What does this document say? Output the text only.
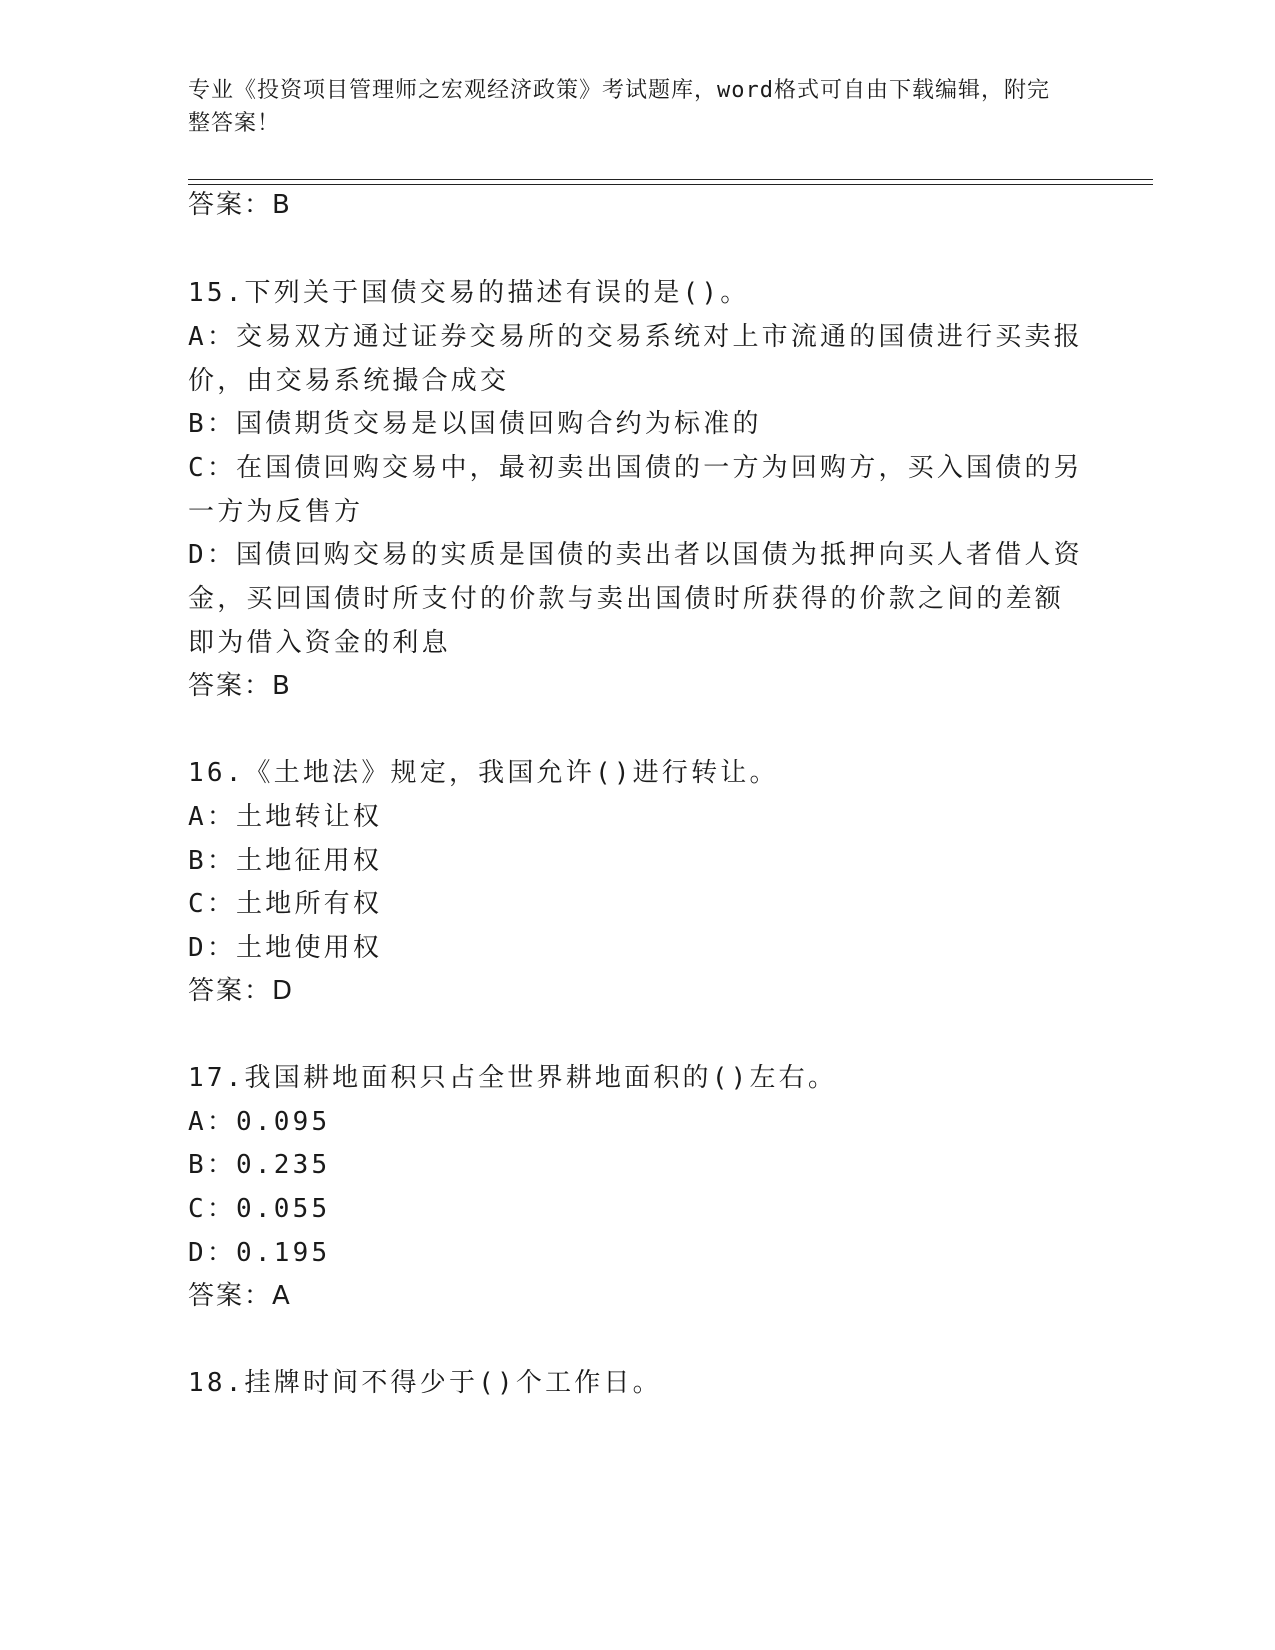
专业《投资项目管理师之宏观经济政策》考试题库，word格式可自由下载编辑，附完整答案！
答案：B
15.下列关于国债交易的描述有误的是()。
A：交易双方通过证券交易所的交易系统对上市流通的国债进行买卖报
价，由交易系统撮合成交
B：国债期货交易是以国债回购合约为标准的
C：在国债回购交易中，最初卖出国债的一方为回购方，买入国债的另
一方为反售方
D：国债回购交易的实质是国债的卖出者以国债为抵押向买人者借人资
金，买回国债时所支付的价款与卖出国债时所获得的价款之间的差额
即为借入资金的利息
答案：B
16.《土地法》规定，我国允许()进行转让。
A：土地转让权
B：土地征用权
C：土地所有权
D：土地使用权
答案：D
17.我国耕地面积只占全世界耕地面积的()左右。
A：0.095
B：0.235
C：0.055
D：0.195
答案：A
18.挂牌时间不得少于()个工作日。
